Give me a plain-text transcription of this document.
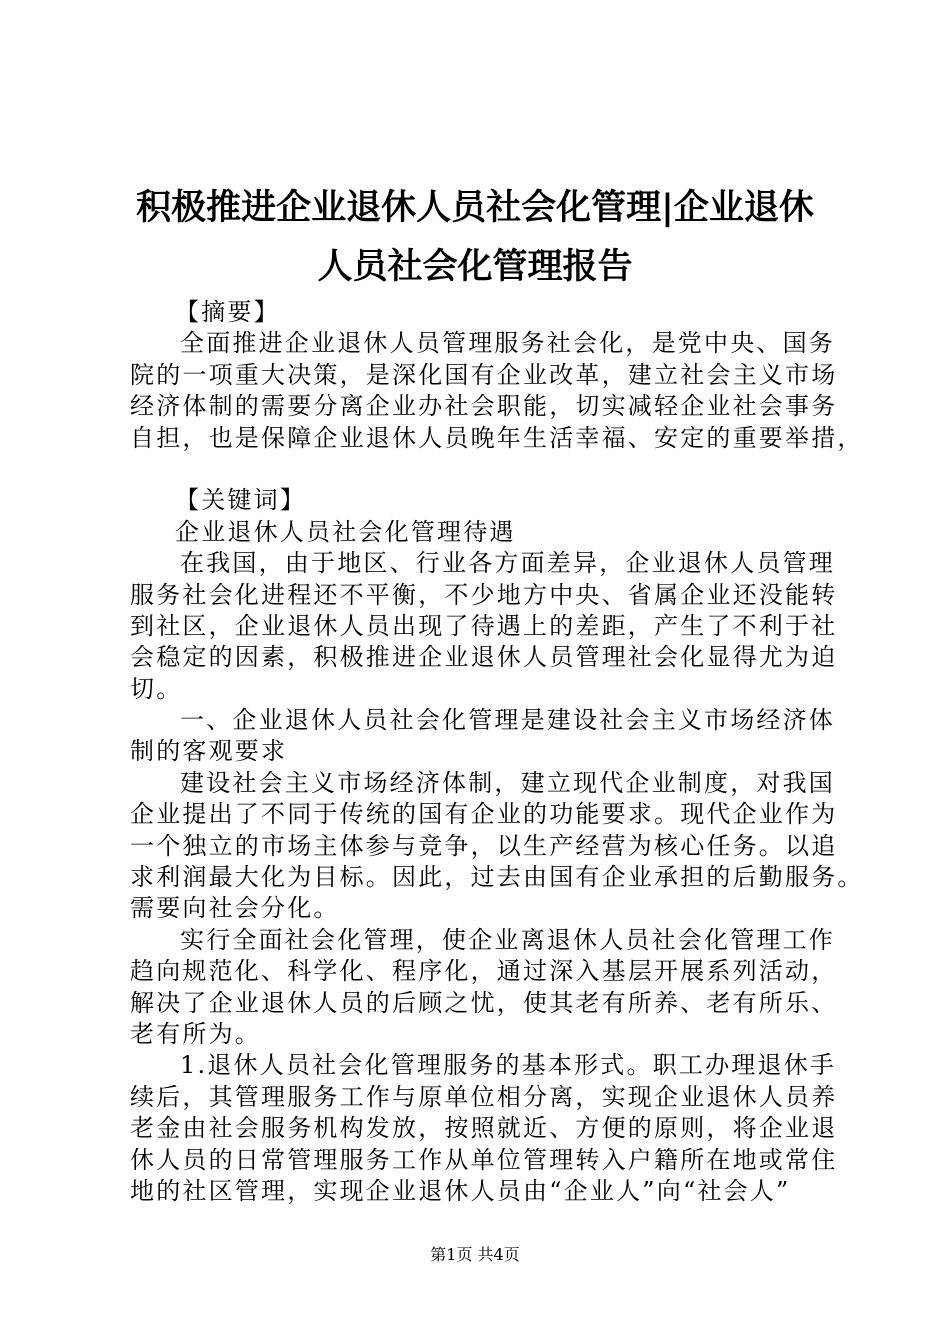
积极推进企业退休人员社会化管理|企业退休
人员社会化管理报告
【摘要】
全面推进企业退休人员管理服务社会化，是党中央、国务
院的一项重大决策，是深化国有企业改革，建立社会主义市场
经济体制的需要分离企业办社会职能，切实减轻企业社会事务
自担，也是保障企业退休人员晚年生活幸福、安定的重要举措，
【关键词】
企业退休人员社会化管理待遇
在我国，由于地区、行业各方面差异，企业退休人员管理
服务社会化进程还不平衡，不少地方中央、省属企业还没能转
到社区，企业退休人员出现了待遇上的差距，产生了不利于社
会稳定的因素，积极推进企业退休人员管理社会化显得尤为迫
切。
一、企业退休人员社会化管理是建设社会主义市场经济体
制的客观要求
建设社会主义市场经济体制，建立现代企业制度，对我国
企业提出了不同于传统的国有企业的功能要求。现代企业作为
一个独立的市场主体参与竞争，以生产经营为核心任务。以追
求利润最大化为目标。因此，过去由国有企业承担的后勤服务。
需要向社会分化。
实行全面社会化管理，使企业离退休人员社会化管理工作
趋向规范化、科学化、程序化，通过深入基层开展系列活动，
解决了企业退休人员的后顾之忧，使其老有所养、老有所乐、
老有所为。
1.退休人员社会化管理服务的基本形式。职工办理退休手
续后，其管理服务工作与原单位相分离，实现企业退休人员养
老金由社会服务机构发放，按照就近、方便的原则，将企业退
休人员的日常管理服务工作从单位管理转入户籍所在地或常住
地的社区管理，实现企业退休人员由“企业人”向“社会人”
第1页 共4页
